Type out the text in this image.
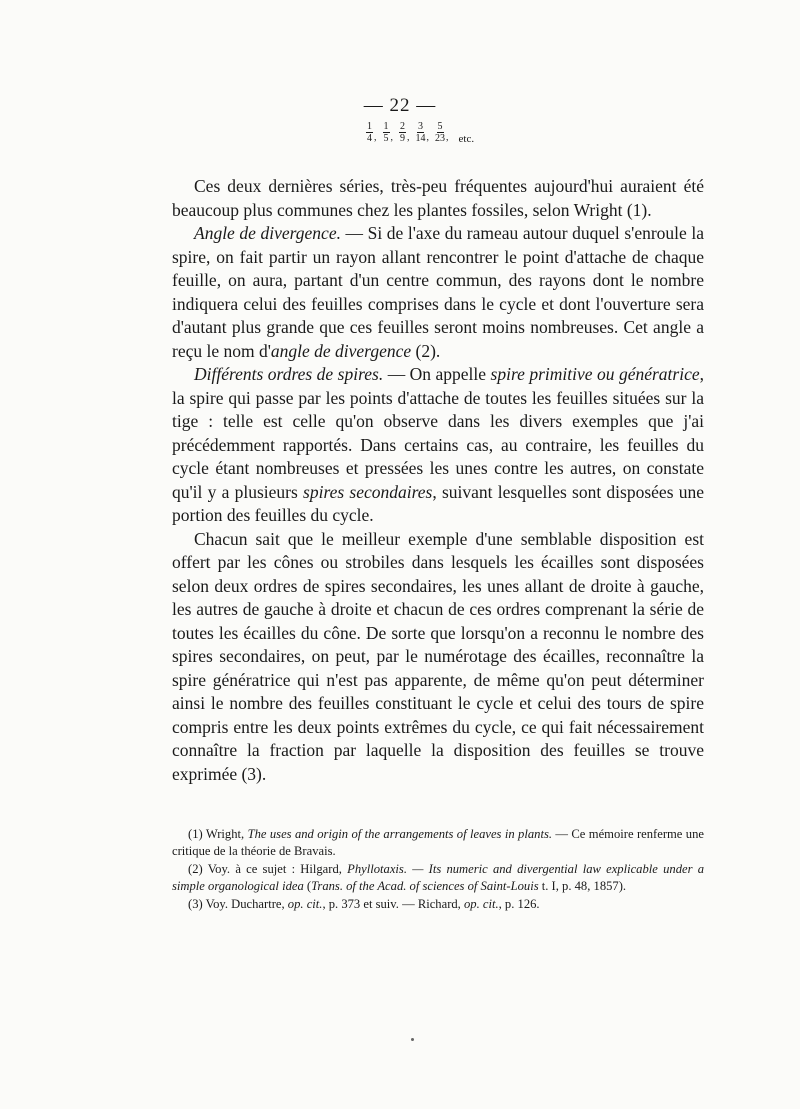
— 22 —
$\frac{1}{4}$ , $\frac{1}{5}$ , $\frac{2}{9}$ , $\frac{3}{14}$ , $\frac{5}{23}$ , etc.

Ces deux dernières séries, très-peu fréquentes aujourd'hui auraient été beaucoup plus communes chez les plantes fossiles, selon Wright (1).

Angle de divergence. — Si de l'axe du rameau autour duquel s'enroule la spire, on fait partir un rayon allant rencontrer le point d'attache de chaque feuille, on aura, partant d'un centre commun, des rayons dont le nombre indiquera celui des feuilles comprises dans le cycle et dont l'ouverture sera d'autant plus grande que ces feuilles seront moins nombreuses. Cet angle a reçu le nom d'angle de divergence (2).

Différents ordres de spires. — On appelle spire primitive ou génératrice, la spire qui passe par les points d'attache de toutes les feuilles situées sur la tige : telle est celle qu'on observe dans les divers exemples que j'ai précédemment rapportés. Dans certains cas, au contraire, les feuilles du cycle étant nombreuses et pressées les unes contre les autres, on constate qu'il y a plusieurs spires secondaires, suivant lesquelles sont disposées une portion des feuilles du cycle.

Chacun sait que le meilleur exemple d'une semblable disposition est offert par les cônes ou strobiles dans lesquels les écailles sont disposées selon deux ordres de spires secondaires, les unes allant de droite à gauche, les autres de gauche à droite et chacun de ces ordres comprenant la série de toutes les écailles du cône. De sorte que lorsqu'on a reconnu le nombre des spires secondaires, on peut, par le numérotage des écailles, reconnaître la spire génératrice qui n'est pas apparente, de même qu'on peut déterminer ainsi le nombre des feuilles constituant le cycle et celui des tours de spire compris entre les deux points extrêmes du cycle, ce qui fait nécessairement connaître la fraction par laquelle la disposition des feuilles se trouve exprimée (3).

(1) Wright, The uses and origin of the arrangements of leaves in plants. — Ce mémoire renferme une critique de la théorie de Bravais.

(2) Voy. à ce sujet : Hilgard, Phyllotaxis. — Its numeric and divergential law explicable under a simple organological idea (Trans. of the Acad. of sciences of Saint-Louis t. I, p. 48, 1857).

(3) Voy. Duchartre, op. cit., p. 373 et suiv. — Richard, op. cit., p. 126.
